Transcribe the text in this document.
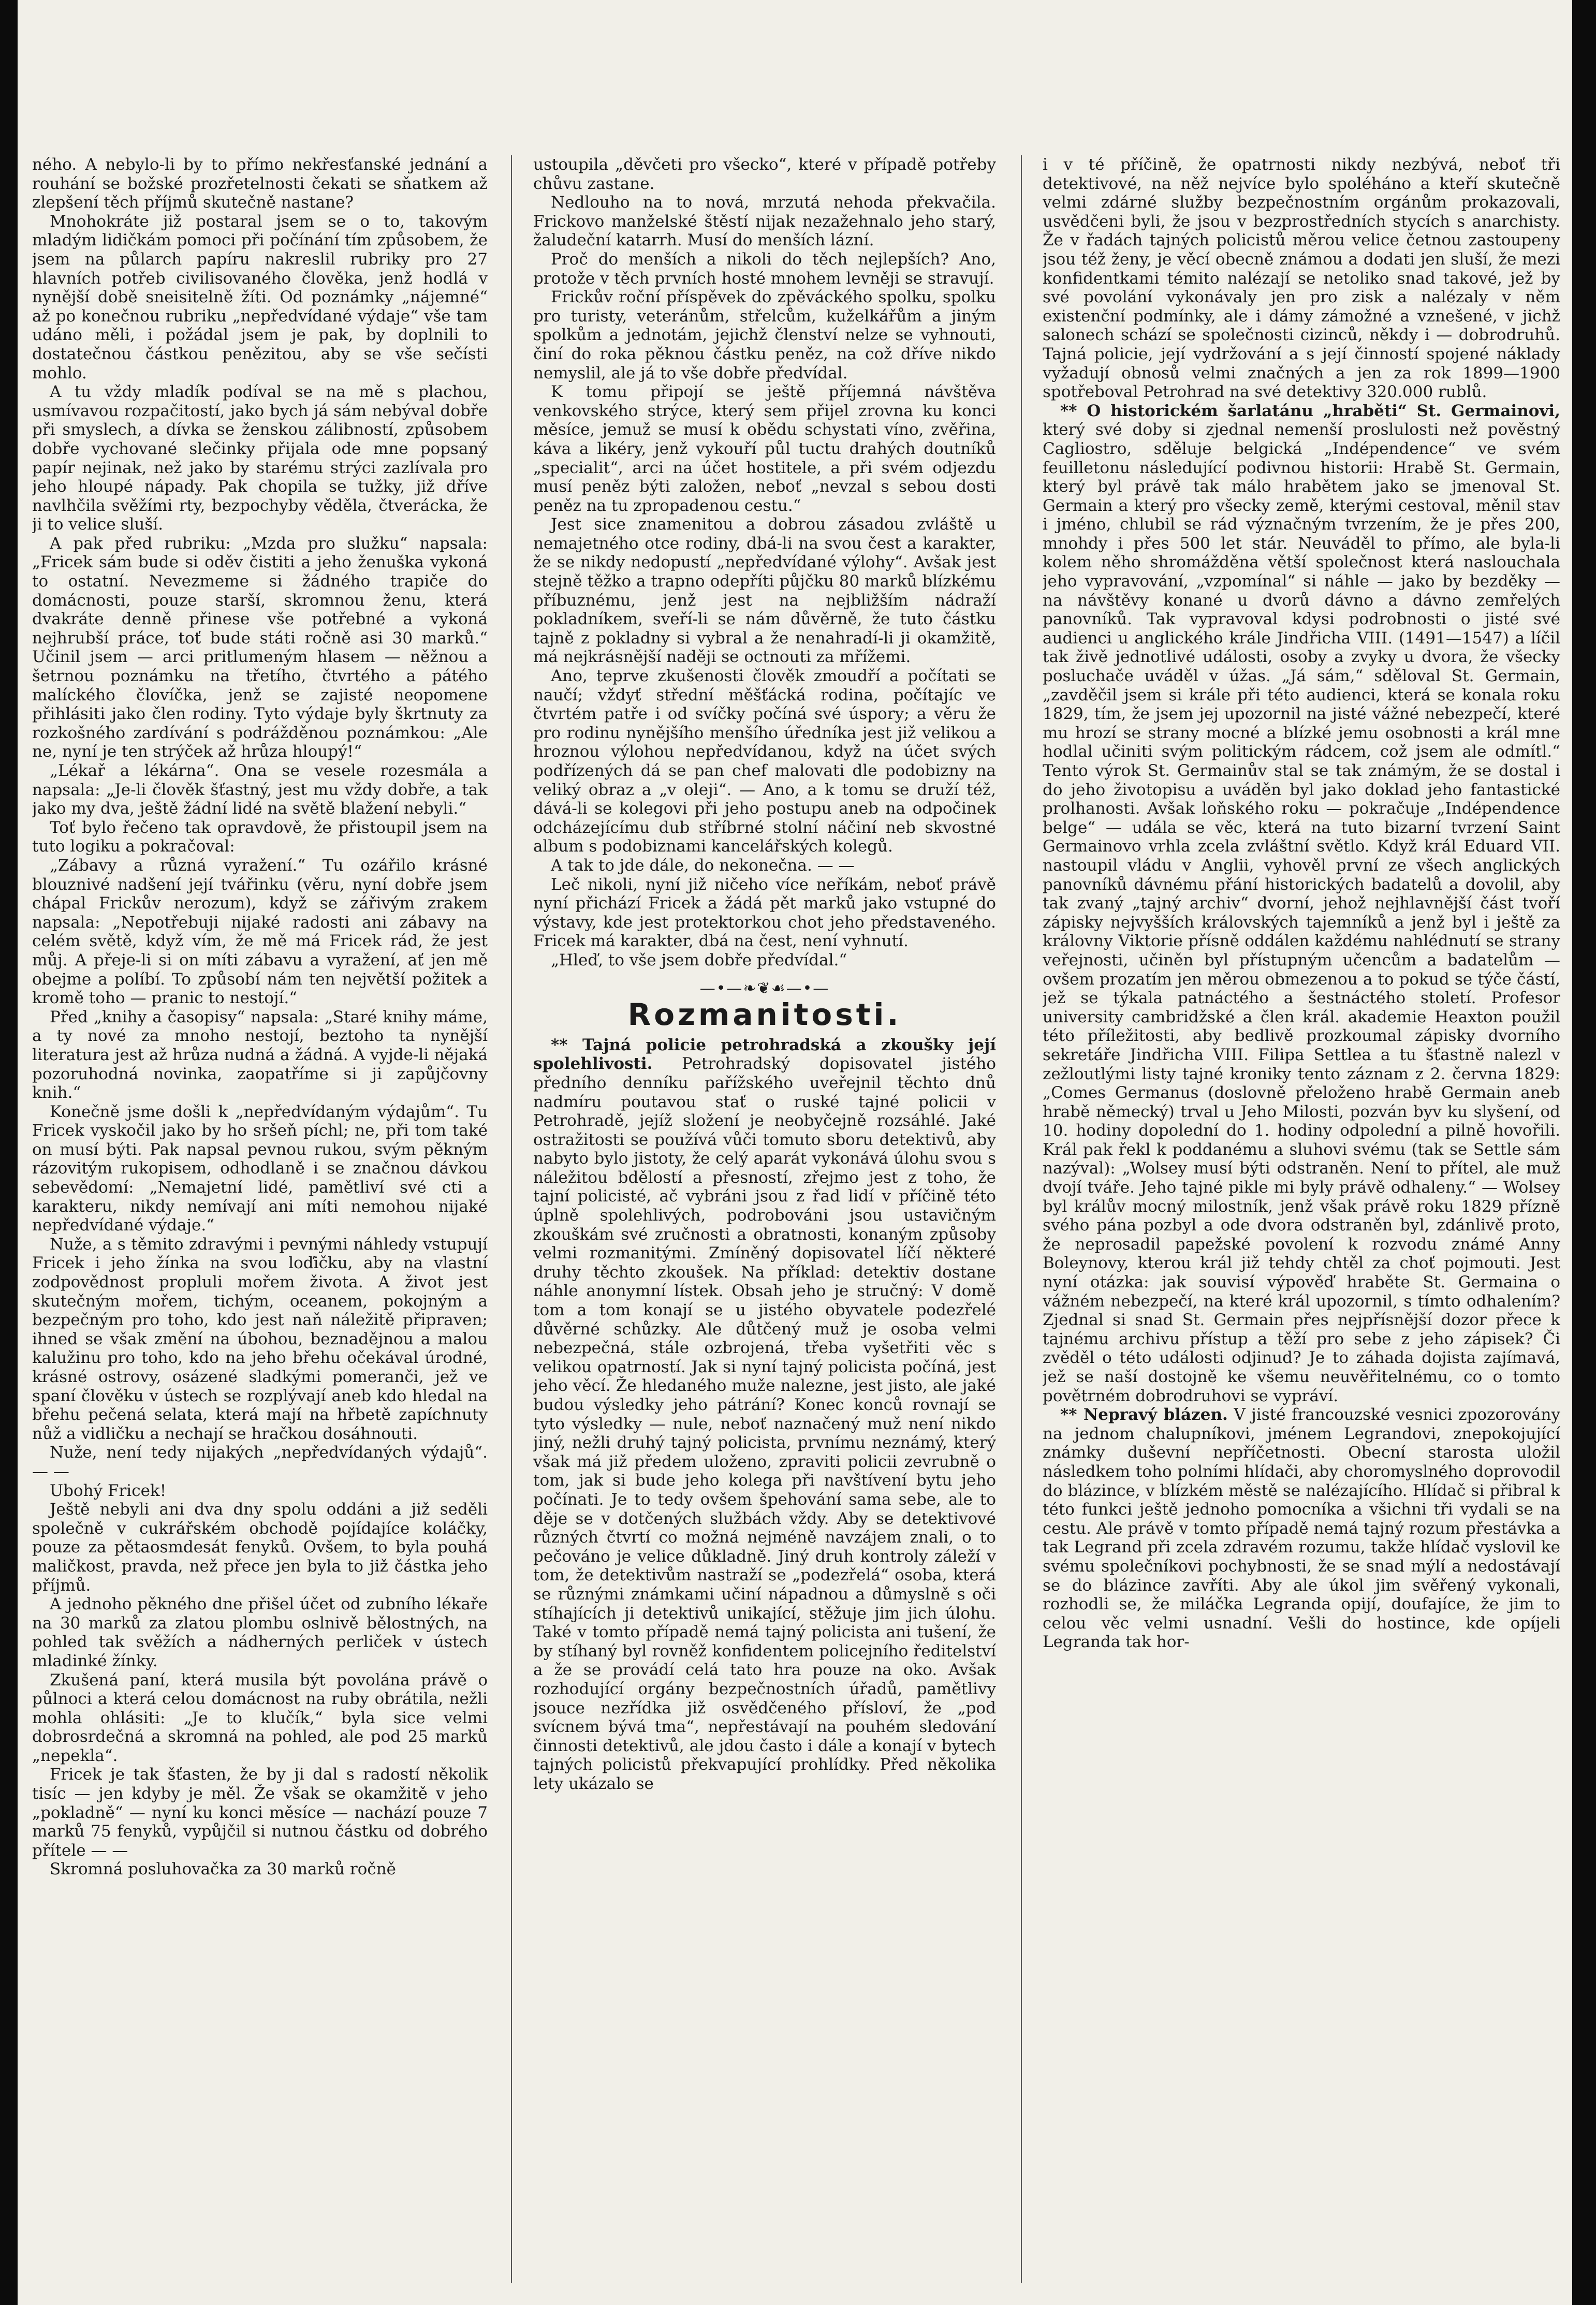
ného. A nebylo-li by to přímo nekřesťanské jednání a rouhání se božské prozřetelnosti čekati se sňatkem až zlepšení těch příjmů skutečně nastane?

Mnohokráte již postaral jsem se o to, takovým mladým lidičkám pomoci při počínání tím způsobem, že jsem na půlarch papíru nakreslil rubriky pro 27 hlavních potřeb civilisovaného člověka, jenž hodlá v nynější době sneisitelně žíti. Od poznámky „nájemné“ až po konečnou rubriku „nepředvídané výdaje“ vše tam udáno měli, i požádal jsem je pak, by doplnili to dostatečnou částkou penězitou, aby se vše sečísti mohlo.

A tu vždy mladík podíval se na mě s plachou, usmívavou rozpačitostí, jako bych já sám nebýval dobře při smyslech, a dívka se ženskou zálibností, způsobem dobře vychované slečinky přijala ode mne popsaný papír nejinak, než jako by starému strýci zazlívala pro jeho hloupé nápady. Pak chopila se tužky, již dříve navlhčila svěžími rty, bezpochyby věděla, čtverácka, že ji to velice sluší.

A pak před rubriku: „Mzda pro služku“ napsala: „Fricek sám bude si oděv čistiti a jeho ženuška vykoná to ostatní. Nevezmeme si žádného trapiče do domácnosti, pouze starší, skromnou ženu, která dvakráte denně přinese vše potřebné a vykoná nejhrubší práce, toť bude státi ročně asi 30 marků.“ Učinil jsem — arci pritlumeným hlasem — něžnou a šetrnou poznámku na třetího, čtvrtého a pátého malíckého človíčka, jenž se zajisté neopomene přihlásiti jako člen rodiny. Tyto výdaje byly škrtnuty za rozkošného zardívání s podrážděnou poznámkou: „Ale ne, nyní je ten strýček až hrůza hloupý!“

„Lékař a lékárna“. Ona se vesele rozesmála a napsala: „Je-li člověk šťastný, jest mu vždy dobře, a tak jako my dva, ještě žádní lidé na světě blažení nebyli.“

Toť bylo řečeno tak opravdově, že přistoupil jsem na tuto logiku a pokračoval:

„Zábavy a různá vyražení.“ Tu ozářilo krásné blouznivé nadšení její tvářinku (věru, nyní dobře jsem chápal Frickův nerozum), když se zářivým zrakem napsala: „Nepotřebuji nijaké radosti ani zábavy na celém světě, když vím, že mě má Fricek rád, že jest můj. A přeje-li si on míti zábavu a vyražení, ať jen mě obejme a políbí. To způsobí nám ten největší požitek a kromě toho — pranic to nestojí.“

Před „knihy a časopisy“ napsala: „Staré knihy máme, a ty nové za mnoho nestojí, beztoho ta nynější literatura jest až hrůza nudná a žádná. A vyjde-li nějaká pozoruhodná novinka, zaopatříme si ji zapůjčovny knih.“

Konečně jsme došli k „nepředvídaným výdajům“. Tu Fricek vyskočil jako by ho sršeň píchl; ne, při tom také on musí býti. Pak napsal pevnou rukou, svým pěkným rázovitým rukopisem, odhodlaně i se značnou dávkou sebevědomí: „Nemajetní lidé, pamětliví své cti a karakteru, nikdy nemívají ani míti nemohou nijaké nepředvídané výdaje.“

Nuže, a s těmito zdravými i pevnými náhledy vstupují Fricek i jeho žínka na svou loďičku, aby na vlastní zodpovědnost propluli mořem života. A život jest skutečným mořem, tichým, oceanem, pokojným a bezpečným pro toho, kdo jest naň náležitě připraven; ihned se však změní na úbohou, beznadějnou a malou kalužinu pro toho, kdo na jeho břehu očekával úrodné, krásné ostrovy, osázené sladkými pomeranči, jež ve spaní člověku v ústech se rozplývají aneb kdo hledal na břehu pečená selata, která mají na hřbetě zapíchnuty nůž a vidličku a nechají se hračkou dosáhnouti.

Nuže, není tedy nijakých „nepředvídaných výdajů“. — —

Ubohý Fricek!

Ještě nebyli ani dva dny spolu oddáni a již seděli společně v cukrářském obchodě pojídajíce koláčky, pouze za pětaosmdesát fenyků. Ovšem, to byla pouhá maličkost, pravda, než přece jen byla to již částka jeho příjmů.

A jednoho pěkného dne přišel účet od zubního lékaře na 30 marků za zlatou plombu oslnivě bělostných, na pohled tak svěžích a nádherných perliček v ústech mladinké žínky.

Zkušená paní, která musila být povolána právě o půlnoci a která celou domácnost na ruby obrátila, nežli mohla ohlásiti: „Je to klučík,“ byla sice velmi dobrosrdečná a skromná na pohled, ale pod 25 marků „nepekla“.

Fricek je tak šťasten, že by ji dal s radostí několik tisíc — jen kdyby je měl. Že však se okamžitě v jeho „pokladně“ — nyní ku konci měsíce — nachází pouze 7 marků 75 fenyků, vypůjčil si nutnou částku od dobrého přítele — —

Skromná posluhovačka za 30 marků ročně

ustoupila „děvčeti pro všecko“, které v případě potřeby chůvu zastane.

Nedlouho na to nová, mrzutá nehoda překvačila. Frickovo manželské štěstí nijak nezažehnalo jeho starý, žaludeční katarrh. Musí do menších lázní.

Proč do menších a nikoli do těch nejlepších? Ano, protože v těch prvních hosté mnohem levněji se stravují.

Frickův roční příspěvek do zpěváckého spolku, spolku pro turisty, veteránům, střelcům, kuželkářům a jiným spolkům a jednotám, jejichž členství nelze se vyhnouti, činí do roka pěknou částku peněz, na což dříve nikdo nemyslil, ale já to vše dobře předvídal.

K tomu připojí se ještě příjemná návštěva venkovského strýce, který sem přijel zrovna ku konci měsíce, jemuž se musí k obědu schystati víno, zvěřina, káva a likéry, jenž vykouří půl tuctu drahých doutníků „specialit“, arci na účet hostitele, a při svém odjezdu musí peněz býti založen, neboť „nevzal s sebou dosti peněz na tu zpropadenou cestu.“

Jest sice znamenitou a dobrou zásadou zvláště u nemajetného otce rodiny, dbá-li na svou čest a karakter, že se nikdy nedopustí „nepředvídané výlohy“. Avšak jest stejně těžko a trapno odepříti půjčku 80 marků blízkému příbuznému, jenž jest na nejbližším nádraží pokladníkem, sveří-li se nám důvěrně, že tuto částku tajně z pokladny si vybral a že nenahradí-li ji okamžitě, má nejkrásnější naději se octnouti za mřížemi.

Ano, teprve zkušenosti člověk zmoudří a počítati se naučí; vždyť střední měšťácká rodina, počítajíc ve čtvrtém patře i od svíčky počíná své úspory; a věru že pro rodinu nynějšího menšího úředníka jest již velikou a hroznou výlohou nepředvídanou, když na účet svých podřízených dá se pan chef malovati dle podobizny na veliký obraz a „v oleji“. — Ano, a k tomu se druží též, dává-li se kolegovi při jeho postupu aneb na odpočinek odcházejícímu dub stříbrné stolní náčiní neb skvostné album s podobiznami kancelářských kolegů.

A tak to jde dále, do nekonečna. — —

Leč nikoli, nyní již ničeho více neříkám, neboť právě nyní přichází Fricek a žádá pět marků jako vstupné do výstavy, kde jest protektorkou chot jeho představeného. Fricek má karakter, dbá na čest, není vyhnutí.

„Hleď, to vše jsem dobře předvídal.“

—•—❧❦☙—•—
Rozmanitosti.

** Tajná policie petrohradská a zkoušky její spolehlivosti. Petrohradský dopisovatel jistého předního denníku pařížského uveřejnil těchto dnů nadmíru poutavou stať o ruské tajné policii v Petrohradě, jejíž složení je neobyčejně rozsáhlé. Jaké ostražitosti se používá vůči tomuto sboru detektivů, aby nabyto bylo jistoty, že celý aparát vykonává úlohu svou s náležitou bdělostí a přesností, zřejmo jest z toho, že tajní policisté, ač vybráni jsou z řad lidí v příčině této úplně spolehlivých, podrobováni jsou ustavičným zkouškám své zručnosti a obratnosti, konaným způsoby velmi rozmanitými. Zmíněný dopisovatel líčí některé druhy těchto zkoušek. Na příklad: detektiv dostane náhle anonymní lístek. Obsah jeho je stručný: V domě tom a tom konají se u jistého obyvatele podezřelé důvěrné schůzky. Ale důtčený muž je osoba velmi nebezpečná, stále ozbrojená, třeba vyšetřiti věc s velikou opatrností. Jak si nyní tajný policista počíná, jest jeho věcí. Že hledaného muže nalezne, jest jisto, ale jaké budou výsledky jeho pátrání? Konec konců rovnají se tyto výsledky — nule, neboť naznačený muž není nikdo jiný, nežli druhý tajný policista, prvnímu neznámý, který však má již předem uloženo, zpraviti policii zevrubně o tom, jak si bude jeho kolega při navštívení bytu jeho počínati. Je to tedy ovšem špehování sama sebe, ale to děje se v dotčených službách vždy. Aby se detektivové různých čtvrtí co možná nejméně navzájem znali, o to pečováno je velice důkladně. Jiný druh kontroly záleží v tom, že detektivům nastraží se „podezřelá“ osoba, která se různými známkami učiní nápadnou a důmyslně s oči stíhajících ji detektivů unikající, stěžuje jim jich úlohu. Také v tomto případě nemá tajný policista ani tušení, že by stíhaný byl rovněž konfidentem policejního ředitelství a že se provádí celá tato hra pouze na oko. Avšak rozhodující orgány bezpečnostních úřadů, pamětlivy jsouce nezřídka již osvědčeného přísloví, že „pod svícnem bývá tma“, nepřestávají na pouhém sledování činnosti detektivů, ale jdou často i dále a konají v bytech tajných policistů překvapující prohlídky. Před několika lety ukázalo se

i v té příčině, že opatrnosti nikdy nezbývá, neboť tři detektivové, na něž nejvíce bylo spoléháno a kteří skutečně velmi zdárné služby bezpečnostním orgánům prokazovali, usvědčeni byli, že jsou v bezprostředních stycích s anarchisty. Že v řadách tajných policistů měrou velice četnou zastoupeny jsou též ženy, je věcí obecně známou a dodati jen sluší, že mezi konfidentkami témito nalézají se netoliko snad takové, jež by své povolání vykonávaly jen pro zisk a nalézaly v něm existenční podmínky, ale i dámy zámožné a vznešené, v jichž salonech schází se společnosti cizinců, někdy i — dobrodruhů. Tajná policie, její vydržování a s její činností spojené náklady vyžadují obnosů velmi značných a jen za rok 1899—1900 spotřeboval Petrohrad na své detektivy 320.000 rublů.

** O historickém šarlatánu „hraběti“ St. Germainovi, který své doby si zjednal nemenší proslulosti než pověstný Cagliostro, sděluje belgická „Indépendence“ ve svém feuilletonu následující podivnou historii: Hrabě St. Germain, který byl právě tak málo hrabětem jako se jmenoval St. Germain a který pro všecky země, kterými cestoval, měnil stav i jméno, chlubil se rád význačným tvrzením, že je přes 200, mnohdy i přes 500 let stár. Neuváděl to přímo, ale byla-li kolem něho shromážděna větší společnost která naslouchala jeho vypravování, „vzpomínal“ si náhle — jako by bezděky — na návštěvy konané u dvorů dávno a dávno zemřelých panovníků. Tak vypravoval kdysi podrobnosti o jisté své audienci u anglického krále Jindřicha VIII. (1491—1547) a líčil tak živě jednotlivé události, osoby a zvyky u dvora, že všecky posluchače uváděl v úžas. „Já sám,“ sděloval St. Germain, „zavděčil jsem si krále při této audienci, která se konala roku 1829, tím, že jsem jej upozornil na jisté vážné nebezpečí, které mu hrozí se strany mocné a blízké jemu osobnosti a král mne hodlal učiniti svým politickým rádcem, což jsem ale odmítl.“ Tento výrok St. Germainův stal se tak známým, že se dostal i do jeho životopisu a uváděn byl jako doklad jeho fantastické prolhanosti. Avšak loňského roku — pokračuje „Indépendence belge“ — udála se věc, která na tuto bizarní tvrzení Saint Germainovo vrhla zcela zvláštní světlo. Když král Eduard VII. nastoupil vládu v Anglii, vyhověl první ze všech anglických panovníků dávnému přání historických badatelů a dovolil, aby tak zvaný „tajný archiv“ dvorní, jehož nejhlavnější část tvoří zápisky nejvyšších královských tajemníků a jenž byl i ještě za královny Viktorie přísně oddálen každému nahlédnutí se strany veřejnosti, učiněn byl přístupným učencům a badatelům — ovšem prozatím jen měrou obmezenou a to pokud se týče částí, jež se týkala patnáctého a šestnáctého století. Profesor university cambridžské a člen král. akademie Heaxton použil této příležitosti, aby bedlivě prozkoumal zápisky dvorního sekretáře Jindřicha VIII. Filipa Settlea a tu šťastně nalezl v zežloutlými listy tajné kroniky tento záznam z 2. června 1829: „Comes Germanus (doslovně přeloženo hrabě Germain aneb hrabě německý) trval u Jeho Milosti, pozván byv ku slyšení, od 10. hodiny dopolední do 1. hodiny odpolední a pilně hovořili. Král pak řekl k poddanému a sluhovi svému (tak se Settle sám nazýval): „Wolsey musí býti odstraněn. Není to přítel, ale muž dvojí tváře. Jeho tajné pikle mi byly právě odhaleny.“ — Wolsey byl králův mocný milostník, jenž však právě roku 1829 přízně svého pána pozbyl a ode dvora odstraněn byl, zdánlivě proto, že neprosadil papežské povolení k rozvodu známé Anny Boleynovy, kterou král již tehdy chtěl za choť pojmouti. Jest nyní otázka: jak souvisí výpověď hraběte St. Germaina o vážném nebezpečí, na které král upozornil, s tímto odhalením? Zjednal si snad St. Germain přes nejpřísnější dozor přece k tajnému archivu přístup a těží pro sebe z jeho zápisek? Či zvěděl o této události odjinud? Je to záhada dojista zajímavá, jež se naší dostojně ke všemu neuvěřitelnému, co o tomto povětrném dobrodruhovi se vypráví.

** Nepravý blázen. V jisté francouzské vesnici zpozorovány na jednom chalupníkovi, jménem Legrandovi, znepokojující známky duševní nepříčetnosti. Obecní starosta uložil následkem toho polními hlídači, aby choromyslného doprovodil do blázince, v blízkém městě se nalézajícího. Hlídač si přibral k této funkci ještě jednoho pomocníka a všichni tři vydali se na cestu. Ale právě v tomto případě nemá tajný rozum přestávka a tak Legrand při zcela zdravém rozumu, takže hlídač vyslovil ke svému společníkovi pochybnosti, že se snad mýlí a nedostávají se do blázince zavříti. Aby ale úkol jim svěřený vykonali, rozhodli se, že miláčka Legranda opijí, doufajíce, že jim to celou věc velmi usnadní. Vešli do hostince, kde opíjeli Legranda tak hor-
